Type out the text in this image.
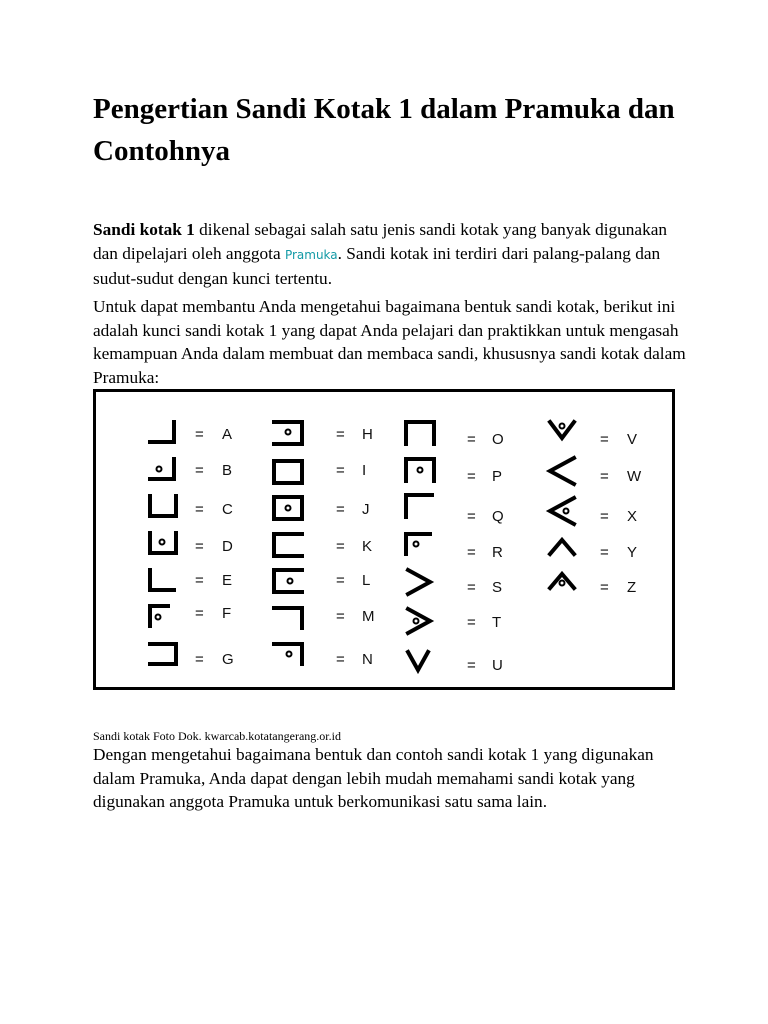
Pengertian Sandi Kotak 1 dalam Pramuka dan Contohnya

Sandi kotak 1 dikenal sebagai salah satu jenis sandi kotak yang banyak digunakan dan dipelajari oleh anggota Pramuka. Sandi kotak ini terdiri dari palang-palang dan sudut-sudut dengan kunci tertentu.

Untuk dapat membantu Anda mengetahui bagaimana bentuk sandi kotak, berikut ini adalah kunci sandi kotak 1 yang dapat Anda pelajari dan praktikkan untuk mengasah kemampuan Anda dalam membuat dan membaca sandi, khususnya sandi kotak dalam Pramuka:

= A
= B
= C
= D
= E
= F
= G
= H
= I
= J
= K
= L
= M
= N
= O
= P
= Q
= R
= S
= T
= U
= V
= W
= X
= Y
= Z
Sandi kotak Foto Dok. kwarcab.kotatangerang.or.id

Dengan mengetahui bagaimana bentuk dan contoh sandi kotak 1 yang digunakan dalam Pramuka, Anda dapat dengan lebih mudah memahami sandi kotak yang digunakan anggota Pramuka untuk berkomunikasi satu sama lain.
